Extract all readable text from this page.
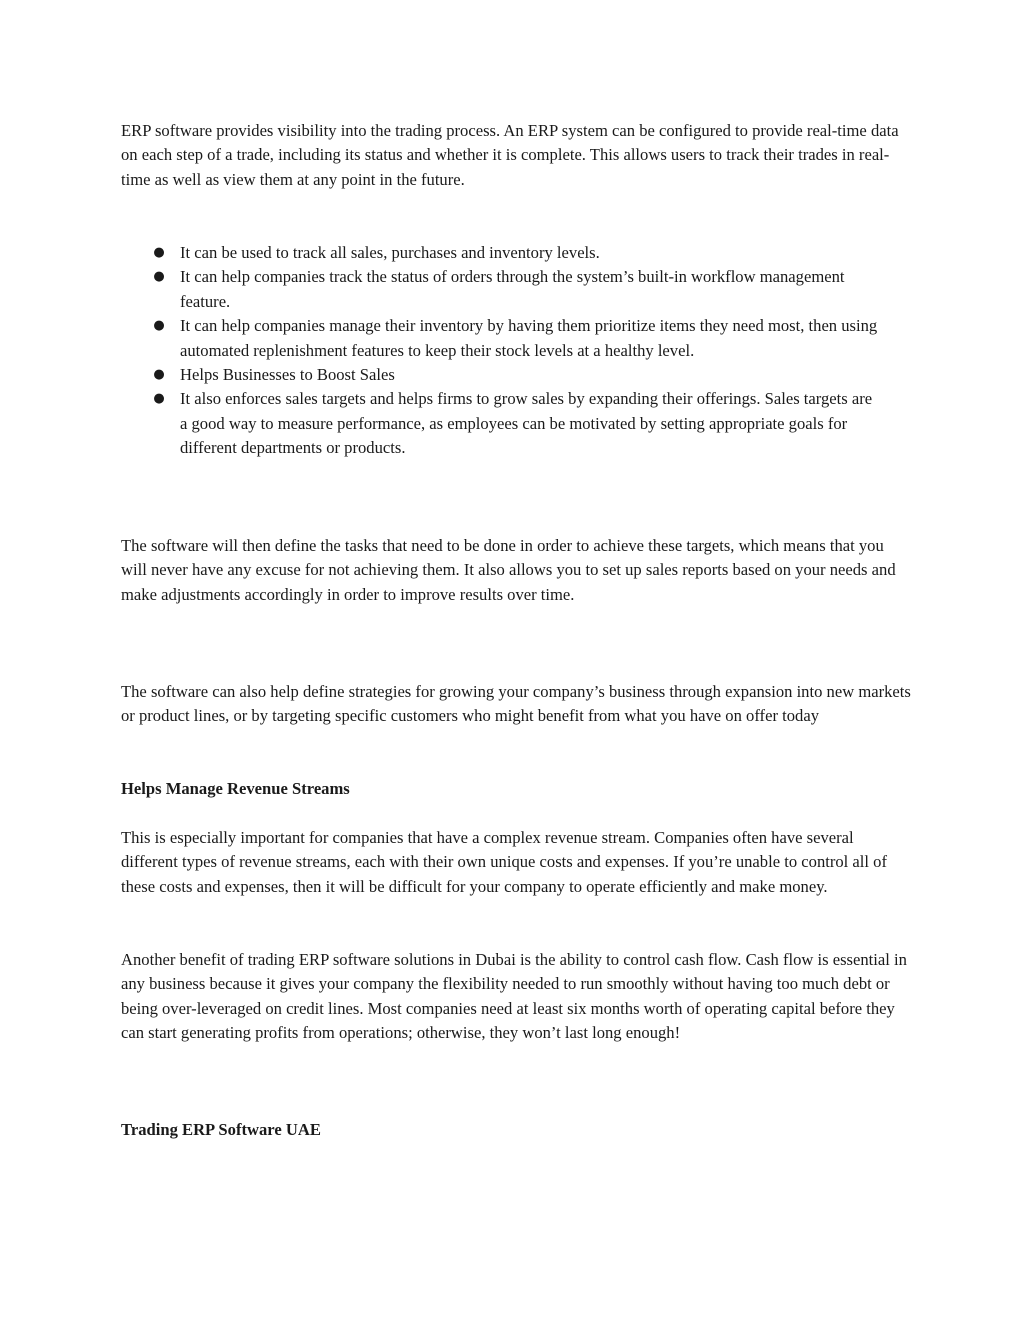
ERP software provides visibility into the trading process. An ERP system can be configured to provide real-time data on each step of a trade, including its status and whether it is complete. This allows users to track their trades in real-time as well as view them at any point in the future.

● It can be used to track all sales, purchases and inventory levels.
● It can help companies track the status of orders through the system’s built-in workflow management feature.
● It can help companies manage their inventory by having them prioritize items they need most, then using automated replenishment features to keep their stock levels at a healthy level.
● Helps Businesses to Boost Sales
● It also enforces sales targets and helps firms to grow sales by expanding their offerings. Sales targets are a good way to measure performance, as employees can be motivated by setting appropriate goals for different departments or products.

The software will then define the tasks that need to be done in order to achieve these targets, which means that you will never have any excuse for not achieving them. It also allows you to set up sales reports based on your needs and make adjustments accordingly in order to improve results over time.

The software can also help define strategies for growing your company’s business through expansion into new markets or product lines, or by targeting specific customers who might benefit from what you have on offer today

Helps Manage Revenue Streams

This is especially important for companies that have a complex revenue stream. Companies often have several different types of revenue streams, each with their own unique costs and expenses. If you’re unable to control all of these costs and expenses, then it will be difficult for your company to operate efficiently and make money.

Another benefit of trading ERP software solutions in Dubai is the ability to control cash flow. Cash flow is essential in any business because it gives your company the flexibility needed to run smoothly without having too much debt or being over-leveraged on credit lines. Most companies need at least six months worth of operating capital before they can start generating profits from operations; otherwise, they won’t last long enough!

Trading ERP Software UAE
